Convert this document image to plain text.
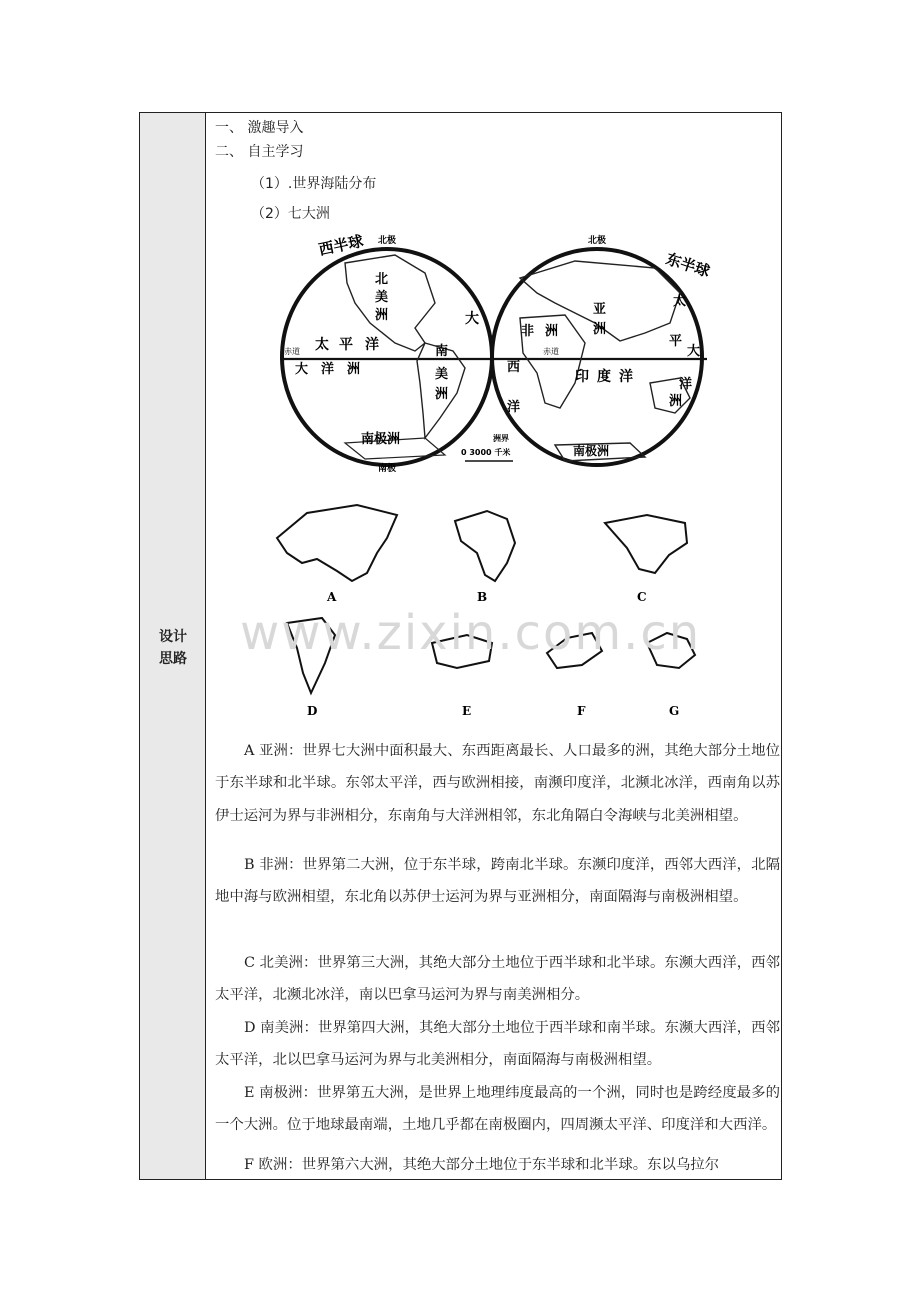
设计
思路
一、 激趣导入
二、 自主学习
（1）.世界海陆分布
（2）七大洲
西半球
东半球
北极	北极
南极
赤道	赤道
北
美
洲
太 平 洋
大 洋 洲
南
美
洲
大
南极洲
亚
洲
非 洲
印 度 洋
西
洋
平
大
太
洋
洲
南极洲
洲界
0 3000 千米
A	B	C
D	E	F	G
A 亚洲：世界七大洲中面积最大、东西距离最长、人口最多的洲，其绝大部分土地位于东半球和北半球。东邻太平洋，西与欧洲相接，南濒印度洋，北濒北冰洋，西南角以苏伊士运河为界与非洲相分，东南角与大洋洲相邻，东北角隔白令海峡与北美洲相望。
B 非洲：世界第二大洲，位于东半球，跨南北半球。东濒印度洋，西邻大西洋，北隔地中海与欧洲相望，东北角以苏伊士运河为界与亚洲相分，南面隔海与南极洲相望。
C 北美洲：世界第三大洲，其绝大部分土地位于西半球和北半球。东濒大西洋，西邻太平洋，北濒北冰洋，南以巴拿马运河为界与南美洲相分。
D 南美洲：世界第四大洲，其绝大部分土地位于西半球和南半球。东濒大西洋，西邻太平洋，北以巴拿马运河为界与北美洲相分，南面隔海与南极洲相望。
E 南极洲：世界第五大洲，是世界上地理纬度最高的一个洲，同时也是跨经度最多的一个大洲。位于地球最南端，土地几乎都在南极圈内，四周濒太平洋、印度洋和大西洋。
F 欧洲：世界第六大洲，其绝大部分土地位于东半球和北半球。东以乌拉尔
www.zixin.com.cn
